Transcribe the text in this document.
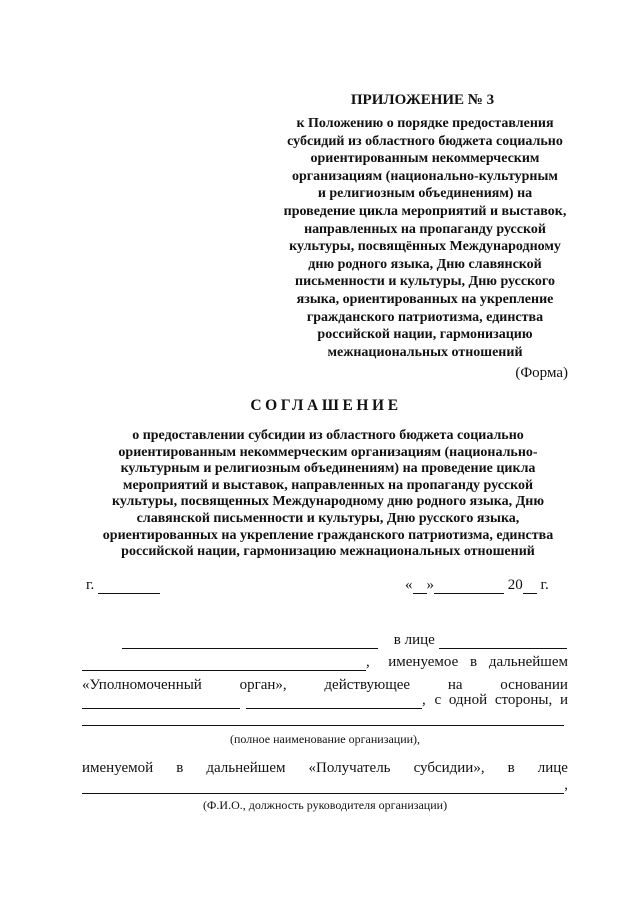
ПРИЛОЖЕНИЕ № 3
к Положению о порядке предоставления
субсидий из областного бюджета социально
ориентированным некоммерческим
организациям (национально-культурным
и религиозным объединениям) на
проведение цикла мероприятий и выставок,
направленных на пропаганду русской
культуры, посвящённых Международному
дню родного языка, Дню славянской
письменности и культуры, Дню русского
языка, ориентированных на укрепление
гражданского патриотизма, единства
российской нации, гармонизацию
межнациональных отношений
(Форма)
СОГЛАШЕНИЕ
о предоставлении субсидии из областного бюджета социально
ориентированным некоммерческим организациям (национально-
культурным и религиозным объединениям) на проведение цикла
мероприятий и выставок, направленных на пропаганду русской
культуры, посвященных Международному дню родного языка, Дню
славянской письменности и культуры, Дню русского языка,
ориентированных на укрепление гражданского патриотизма, единства
российской нации, гармонизацию межнациональных отношений
г.	« »	20 г.
в лице
, именуемое в дальнейшем
«Уполномоченный	орган»,	действующее	на	основании
, с одной стороны, и
(полное наименование организации),
именуемой в дальнейшем «Получатель субсидии», в лице
,
(Ф.И.О., должность руководителя организации)
